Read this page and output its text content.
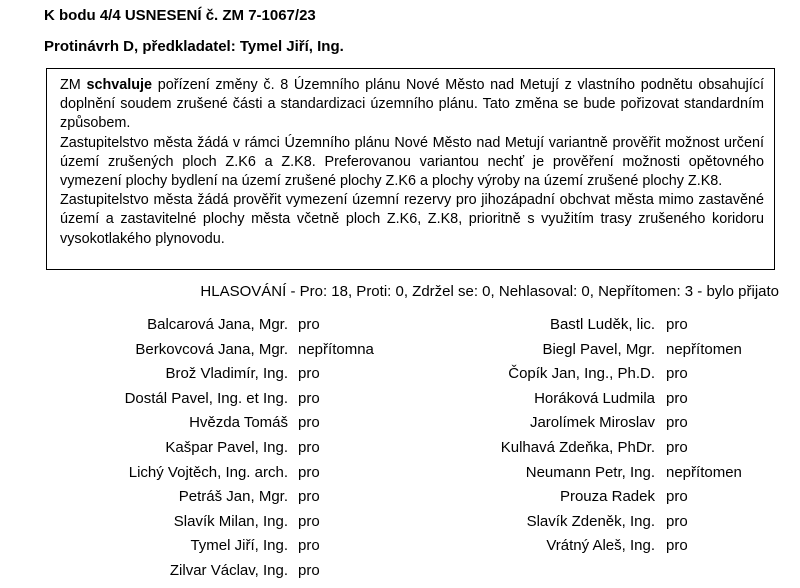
K bodu 4/4 USNESENÍ č. ZM 7-1067/23
Protinávrh D, předkladatel: Tymel Jiří, Ing.

ZM schvaluje pořízení změny č. 8 Územního plánu Nové Město nad Metují z vlastního podnětu obsahující doplnění soudem zrušené části a standardizaci územního plánu. Tato změna se bude pořizovat standardním způsobem.

Zastupitelstvo města žádá v rámci Územního plánu Nové Město nad Metují variantně prověřit možnost určení území zrušených ploch Z.K6 a Z.K8. Preferovanou variantou nechť je prověření možnosti opětovného vymezení plochy bydlení na území zrušené plochy Z.K6 a plochy výroby na území zrušené plochy Z.K8.

Zastupitelstvo města žádá prověřit vymezení územní rezervy pro jihozápadní obchvat města mimo zastavěné území a zastavitelné plochy města včetně ploch Z.K6, Z.K8, prioritně s využitím trasy zrušeného koridoru vysokotlakého plynovodu.

HLASOVÁNÍ - Pro: 18, Proti: 0, Zdržel se: 0, Nehlasoval: 0, Nepřítomen: 3 - bylo přijato
Balcarová Jana, Mgr. pro
Berkovcová Jana, Mgr. nepřítomna
Brož Vladimír, Ing. pro
Dostál Pavel, Ing. et Ing. pro
Hvězda Tomáš pro
Kašpar Pavel, Ing. pro
Lichý Vojtěch, Ing. arch. pro
Petráš Jan, Mgr. pro
Slavík Milan, Ing. pro
Tymel Jiří, Ing. pro
Zilvar Václav, Ing. pro
Bastl Luděk, lic. pro
Biegl Pavel, Mgr. nepřítomen
Čopík Jan, Ing., Ph.D. pro
Horáková Ludmila pro
Jarolímek Miroslav pro
Kulhavá Zdeňka, PhDr. pro
Neumann Petr, Ing. nepřítomen
Prouza Radek pro
Slavík Zdeněk, Ing. pro
Vrátný Aleš, Ing. pro
